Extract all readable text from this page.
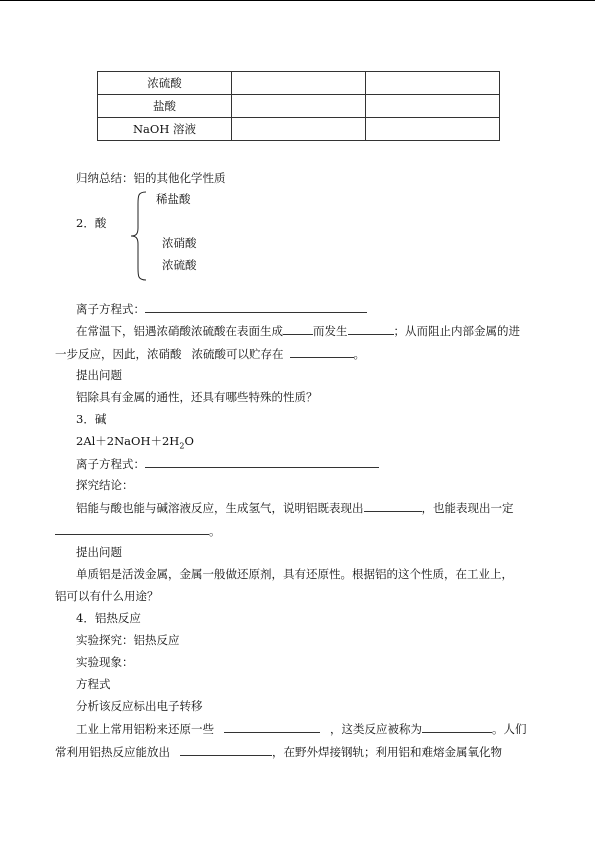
浓硫酸		
盐酸		
NaOH 溶液		
归纳总结：铝的其他化学性质
2．酸
稀盐酸
浓硝酸
浓硫酸
离子方程式：
在常温下，铝遇浓硝酸浓硫酸在表面生成	而发生	；从而阻止内部金属的进
一步反应，因此，浓硝酸 浓硫酸可以贮存在	。
提出问题
铝除具有金属的通性，还具有哪些特殊的性质？
3．碱
$2Al+2NaOH+2H_2O$
离子方程式：
探究结论：
铝能与酸也能与碱溶液反应，生成氢气，说明铝既表现出	，也能表现出一定
。
提出问题
单质铝是活泼金属，金属一般做还原剂，具有还原性。根据铝的这个性质，在工业上，
铝可以有什么用途？
4．铝热反应
实验探究：铝热反应
实验现象：
方程式
分析该反应标出电子转移
工业上常用铝粉来还原一些	，这类反应被称为	。人们
常利用铝热反应能放出	，在野外焊接钢轨；利用铝和难熔金属氧化物
